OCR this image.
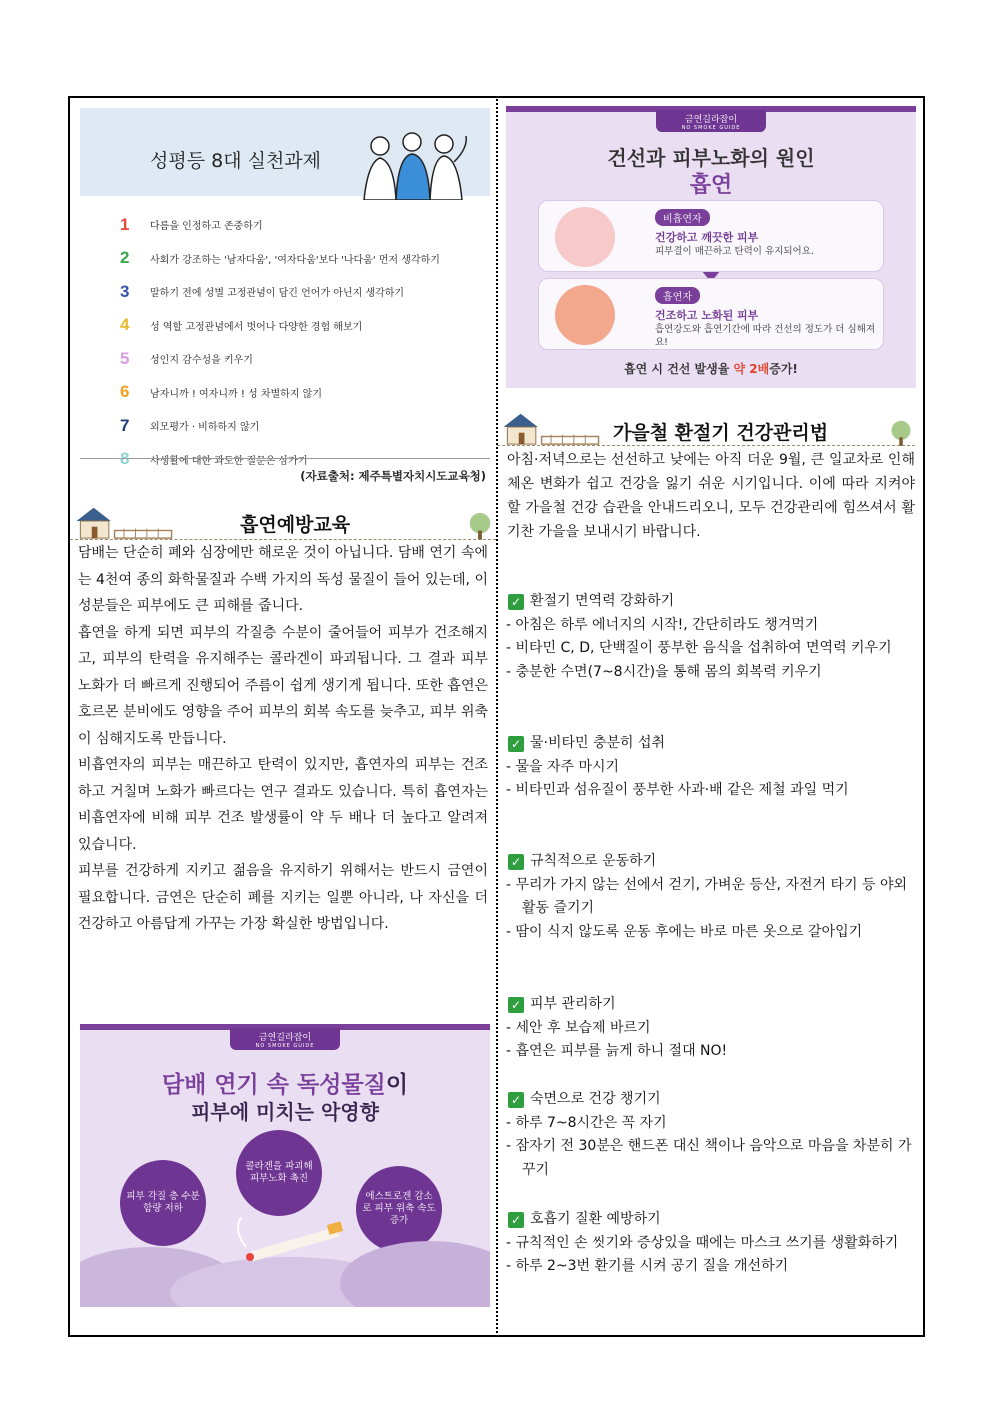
성평등 8대 실천과제
1	다름을 인정하고 존중하기
2	사회가 강조하는 '남자다움', '여자다움'보다 '나다움' 먼저 생각하기
3	말하기 전에 성별 고정관념이 담긴 언어가 아닌지 생각하기
4	성 역할 고정관념에서 벗어나 다양한 경험 해보기
5	성인지 감수성을 키우기
6	남자니까 ! 여자니까 ! 성 차별하지 않기
7	외모평가 · 비하하지 않기
8	사생활에 대한 과도한 질문은 삼가기
(자료출처: 제주특별자치시도교육청)
흡연예방교육

담배는 단순히 폐와 심장에만 해로운 것이 아닙니다. 담배 연기 속에는 4천여 종의 화학물질과 수백 가지의 독성 물질이 들어 있는데, 이 성분들은 피부에도 큰 피해를 줍니다.

흡연을 하게 되면 피부의 각질층 수분이 줄어들어 피부가 건조해지고, 피부의 탄력을 유지해주는 콜라겐이 파괴됩니다. 그 결과 피부 노화가 더 빠르게 진행되어 주름이 쉽게 생기게 됩니다. 또한 흡연은 호르몬 분비에도 영향을 주어 피부의 회복 속도를 늦추고, 피부 위축이 심해지도록 만듭니다.

비흡연자의 피부는 매끈하고 탄력이 있지만, 흡연자의 피부는 건조하고 거칠며 노화가 빠르다는 연구 결과도 있습니다. 특히 흡연자는 비흡연자에 비해 피부 건조 발생률이 약 두 배나 더 높다고 알려져 있습니다.

피부를 건강하게 지키고 젊음을 유지하기 위해서는 반드시 금연이 필요합니다. 금연은 단순히 폐를 지키는 일뿐 아니라, 나 자신을 더 건강하고 아름답게 가꾸는 가장 확실한 방법입니다.

금연길라잡이
NO SMOKE GUIDE
담배 연기 속 독성물질이
피부에 미치는 악영향
콜라겐을 파괴해 피부노화 촉진
피부 각질 층 수분 함량 저하
에스트로겐 감소로 피부 위축 속도 증가
금연길라잡이
NO SMOKE GUIDE
건선과 피부노화의 원인
흡연
비흡연자
건강하고 깨끗한 피부
피부결이 매끈하고 탄력이 유지되어요.
흡연자
건조하고 노화된 피부
흡연강도와 흡연기간에 따라 건선의 정도가 더 심해져요!
흡연 시 건선 발생율 약 2배증가!
가을철 환절기 건강관리법
아침·저녁으로는 선선하고 낮에는 아직 더운 9월, 큰 일교차로 인해 체온 변화가 쉽고 건강을 잃기 쉬운 시기입니다. 이에 따라 지켜야 할 가을철 건강 습관을 안내드리오니, 모두 건강관리에 힘쓰셔서 활기찬 가을을 보내시기 바랍니다.
✓ 환절기 면역력 강화하기
- 아침은 하루 에너지의 시작!, 간단히라도 챙겨먹기
- 비타민 C, D, 단백질이 풍부한 음식을 섭취하여 면역력 키우기
- 충분한 수면(7~8시간)을 통해 몸의 회복력 키우기
✓ 물·비타민 충분히 섭취
- 물을 자주 마시기
- 비타민과 섬유질이 풍부한 사과·배 같은 제철 과일 먹기
✓ 규칙적으로 운동하기
- 무리가 가지 않는 선에서 걷기, 가벼운 등산, 자전거 타기 등 야외 활동 즐기기
- 땀이 식지 않도록 운동 후에는 바로 마른 옷으로 갈아입기
✓ 피부 관리하기
- 세안 후 보습제 바르기
- 흡연은 피부를 늙게 하니 절대 NO!
✓ 숙면으로 건강 챙기기
- 하루 7~8시간은 꼭 자기
- 잠자기 전 30분은 핸드폰 대신 책이나 음악으로 마음을 차분히 가꾸기
✓ 호흡기 질환 예방하기
- 규칙적인 손 씻기와 증상있을 때에는 마스크 쓰기를 생활화하기
- 하루 2~3번 환기를 시켜 공기 질을 개선하기
